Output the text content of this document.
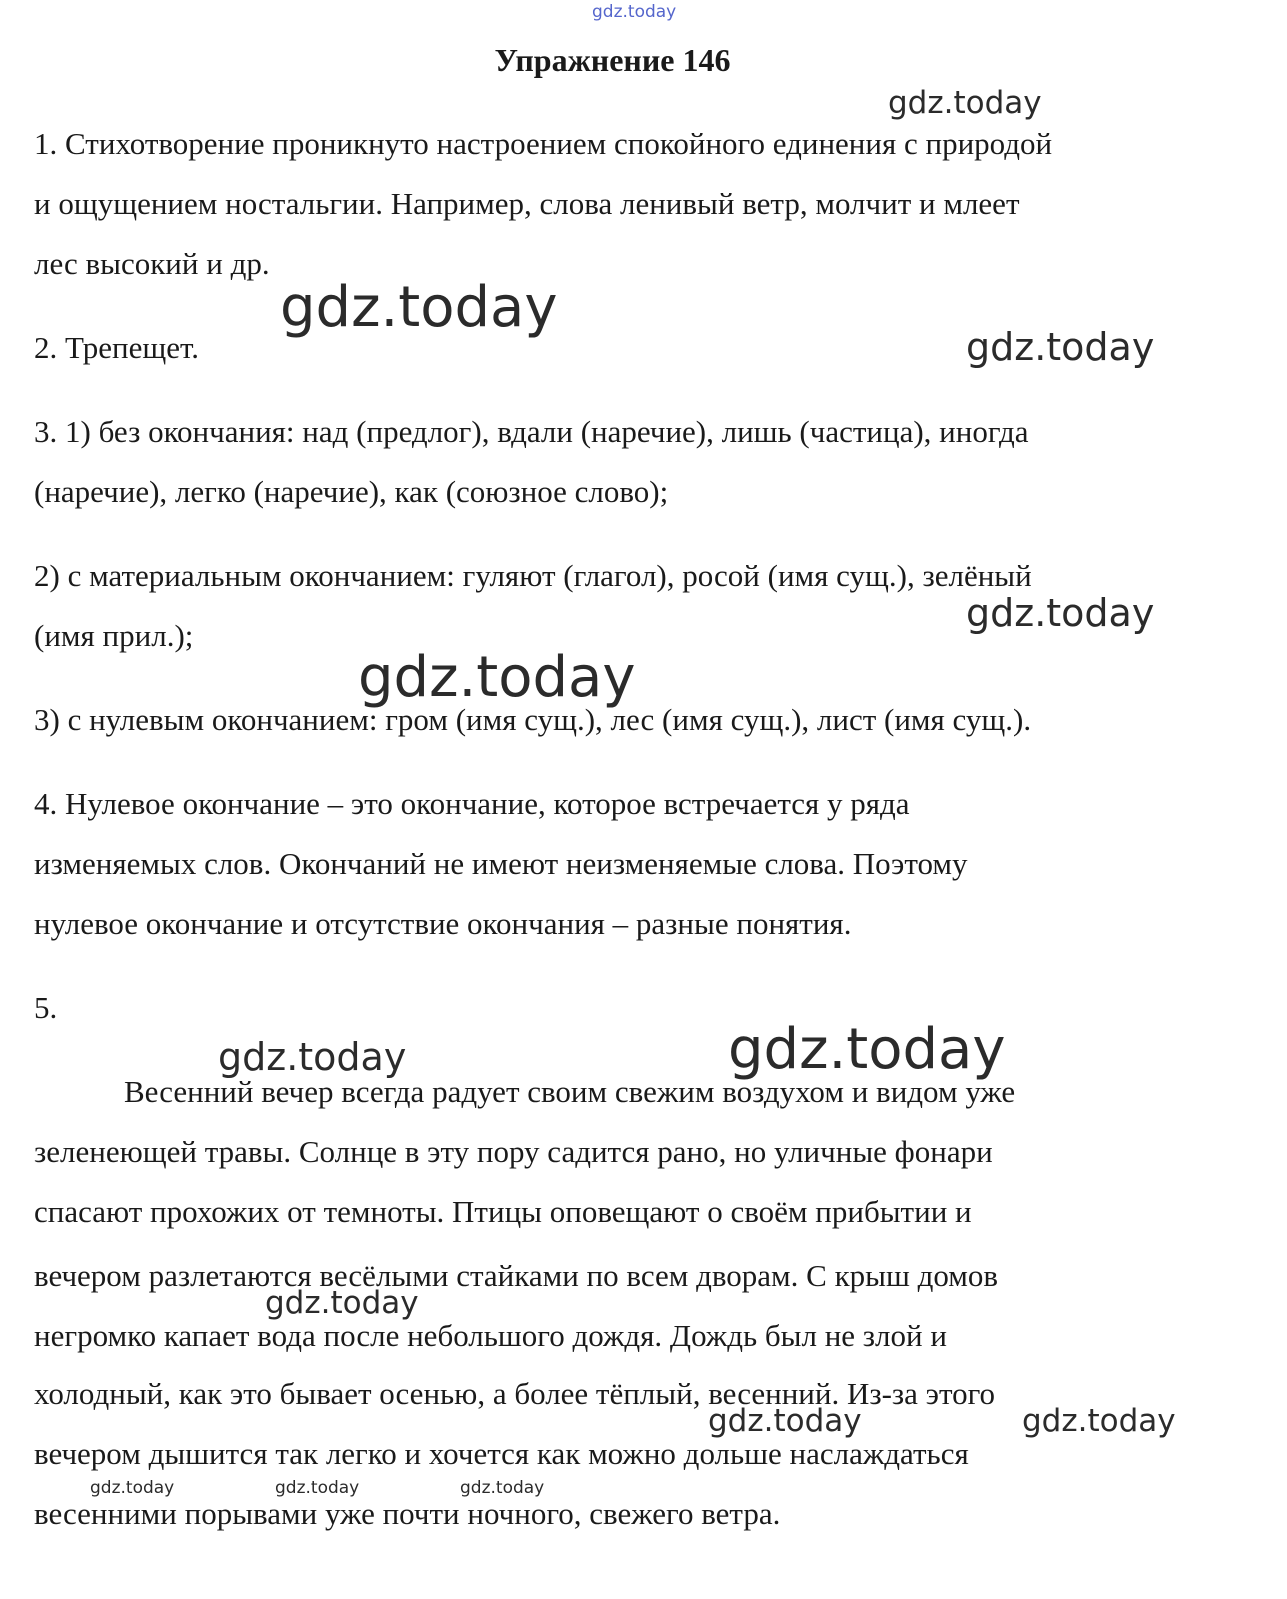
Упражнение 146
1. Стихотворение проникнуто настроением спокойного единения с природой
и ощущением ностальгии. Например, слова ленивый ветр, молчит и млеет
лес высокий и др.
2. Трепещет.
3. 1) без окончания: над (предлог), вдали (наречие), лишь (частица), иногда
(наречие), легко (наречие), как (союзное слово);
2) с материальным окончанием: гуляют (глагол), росой (имя сущ.), зелёный
(имя прил.);
3) с нулевым окончанием: гром (имя сущ.), лес (имя сущ.), лист (имя сущ.).
4. Нулевое окончание – это окончание, которое встречается у ряда
изменяемых слов. Окончаний не имеют неизменяемые слова. Поэтому
нулевое окончание и отсутствие окончания – разные понятия.
5.
Весенний вечер всегда радует своим свежим воздухом и видом уже
зеленеющей травы. Солнце в эту пору садится рано, но уличные фонари
спасают прохожих от темноты. Птицы оповещают о своём прибытии и
вечером разлетаются весёлыми стайками по всем дворам. С крыш домов
негромко капает вода после небольшого дождя. Дождь был не злой и
холодный, как это бывает осенью, а более тёплый, весенний. Из-за этого
вечером дышится так легко и хочется как можно дольше наслаждаться
весенними порывами уже почти ночного, свежего ветра.
gdz.today
gdz.today
gdz.today
gdz.today
gdz.today
gdz.today
gdz.today	gdz.today
gdz.today
gdz.today	gdz.today
gdz.today	gdz.today	gdz.today
